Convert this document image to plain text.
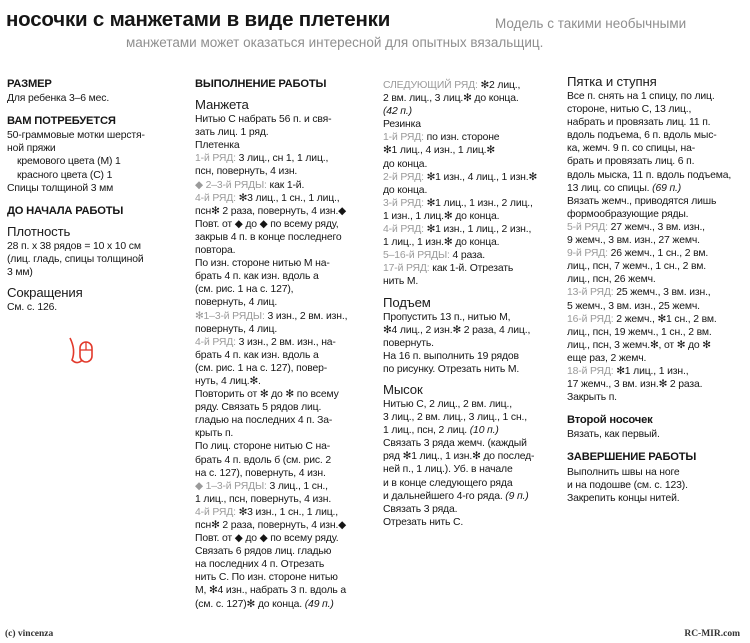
носочки с манжетами в виде плетенки	Модель с такими необычными
манжетами может оказаться интересной для опытных вязальщиц.
РАЗМЕР
Для ребенка 3–6 мес.
ВАМ ПОТРЕБУЕТСЯ
50-граммовые мотки шерстя-
ной пряжи
кремового цвета (М) 1
красного цвета (С) 1
Спицы толщиной 3 мм
ДО НАЧАЛА РАБОТЫ
Плотность
28 п. х 38 рядов = 10 х 10 см
(лиц. гладь, спицы толщиной
3 мм)
Сокращения
См. с. 126.
ВЫПОЛНЕНИЕ РАБОТЫ
Манжета
Нитью С набрать 56 п. и свя-
зать лиц. 1 ряд.
Плетенка
1-й РЯД: 3 лиц., сн 1, 1 лиц.,
псн, повернуть, 4 изн.
◆ 2–3-й РЯДЫ: как 1-й.
4-й РЯД: ✻3 лиц., 1 сн., 1 лиц.,
псн✻ 2 раза, повернуть, 4 изн.◆
Повт. от ◆ до ◆ по всему ряду,
закрыв 4 п. в конце последнего
повтора.
По изн. стороне нитью М на-
брать 4 п. как изн. вдоль а
(см. рис. 1 на с. 127),
повернуть, 4 лиц.
✻1–3-й РЯДЫ: 3 изн., 2 вм. изн.,
повернуть, 4 лиц.
4-й РЯД: 3 изн., 2 вм. изн., на-
брать 4 п. как изн. вдоль а
(см. рис. 1 на с. 127), повер-
нуть, 4 лиц.✻.
Повторить от ✻ до ✻ по всему
ряду. Связать 5 рядов лиц.
гладью на последних 4 п. За-
крыть п.
По лиц. стороне нитью С на-
брать 4 п. вдоль б (см. рис. 2
на с. 127), повернуть, 4 изн.
◆ 1–3-й РЯДЫ: 3 лиц., 1 сн.,
1 лиц., псн, повернуть, 4 изн.
4-й РЯД: ✻3 изн., 1 сн., 1 лиц.,
псн✻ 2 раза, повернуть, 4 изн.◆
Повт. от ◆ до ◆ по всему ряду.
Связать 6 рядов лиц. гладью
на последних 4 п. Отрезать
нить С. По изн. стороне нитью
М, ✻4 изн., набрать 3 п. вдоль а
(см. с. 127)✻ до конца. (49 п.)
СЛЕДУЮЩИЙ РЯД: ✻2 лиц.,
2 вм. лиц., 3 лиц.✻ до конца.
(42 п.)
Резинка
1-й РЯД: по изн. стороне
✻1 лиц., 4 изн., 1 лиц.✻
до конца.
2-й РЯД: ✻1 изн., 4 лиц., 1 изн.✻
до конца.
3-й РЯД: ✻1 лиц., 1 изн., 2 лиц.,
1 изн., 1 лиц.✻ до конца.
4-й РЯД: ✻1 изн., 1 лиц., 2 изн.,
1 лиц., 1 изн.✻ до конца.
5–16-й РЯДЫ: 4 раза.
17-й РЯД: как 1-й. Отрезать
нить М.
Подъем
Пропустить 13 п., нитью М,
✻4 лиц., 2 изн.✻ 2 раза, 4 лиц.,
повернуть.
На 16 п. выполнить 19 рядов
по рисунку. Отрезать нить М.
Мысок
Нитью С, 2 лиц., 2 вм. лиц.,
3 лиц., 2 вм. лиц., 3 лиц., 1 сн.,
1 лиц., псн, 2 лиц. (10 п.)
Связать 3 ряда жемч. (каждый
ряд ✻1 лиц., 1 изн.✻ до послед-
ней п., 1 лиц.). Уб. в начале
и в конце следующего ряда
и дальнейшего 4-го ряда. (9 п.)
Связать 3 ряда.
Отрезать нить С.
Пятка и ступня
Все п. снять на 1 спицу, по лиц.
стороне, нитью С, 13 лиц.,
набрать и провязать лиц. 11 п.
вдоль подъема, 6 п. вдоль мыс-
ка, жемч. 9 п. со спицы, на-
брать и провязать лиц. 6 п.
вдоль мыска, 11 п. вдоль подъема,
13 лиц. со спицы. (69 п.)
Вязать жемч., приводятся лишь
формообразующие ряды.
5-й РЯД: 27 жемч., 3 вм. изн.,
9 жемч., 3 вм. изн., 27 жемч.
9-й РЯД: 26 жемч., 1 сн., 2 вм.
лиц., псн, 7 жемч., 1 сн., 2 вм.
лиц., псн, 26 жемч.
13-й РЯД: 25 жемч., 3 вм. изн.,
5 жемч., 3 вм. изн., 25 жемч.
16-й РЯД: 2 жемч., ✻1 сн., 2 вм.
лиц., псн, 19 жемч., 1 сн., 2 вм.
лиц., псн, 3 жемч.✻, от ✻ до ✻
еще раз, 2 жемч.
18-й РЯД: ✻1 лиц., 1 изн.,
17 жемч., 3 вм. изн.✻ 2 раза.
Закрыть п.
Второй носочек
Вязать, как первый.
ЗАВЕРШЕНИЕ РАБОТЫ
Выполнить швы на ноге
и на подошве (см. с. 123).
Закрепить концы нитей.
(c) vincenza	RC-MIR.com
